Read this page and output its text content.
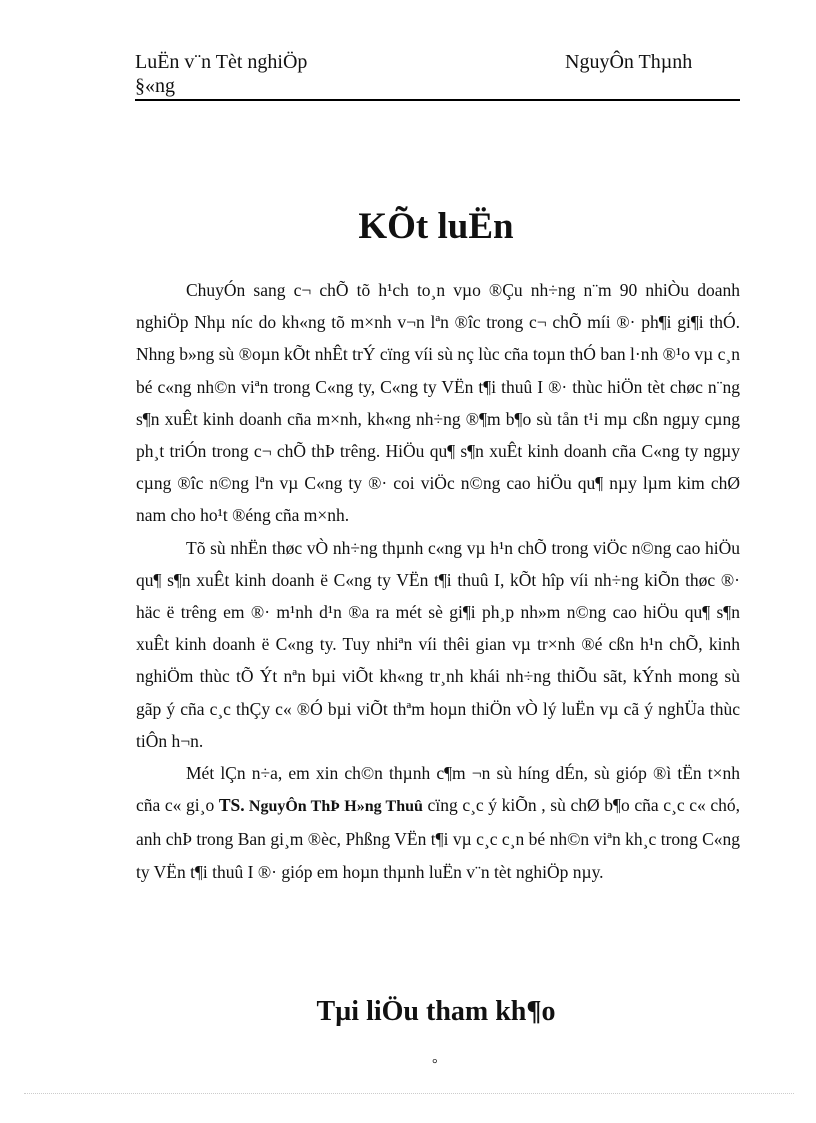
LuËn v¨n Tèt nghiÖp
§«ng
NguyÔn Thµnh
KÕt luËn

ChuyÓn sang c¬ chÕ tõ h¹ch to¸n vµo ®Çu nh÷ng n¨m 90 nhiÒu doanh nghiÖp Nhµ níc do kh«ng tõ m×nh v¬n lªn ®îc trong c¬ chÕ míi ®· ph¶i gi¶i thÓ. Nhng b»ng sù ®oµn kÕt nhÊt trÝ cïng víi sù nç lùc cña toµn thÓ ban l·nh ®¹o vµ c¸n bé c«ng nh©n viªn trong C«ng ty, C«ng ty VËn t¶i thuû I ®· thùc hiÖn tèt chøc n¨ng s¶n xuÊt kinh doanh cña m×nh, kh«ng nh÷ng ®¶m b¶o sù tån t¹i mµ cßn ngµy cµng ph¸t triÓn trong c¬ chÕ thÞ trêng. HiÖu qu¶ s¶n xuÊt kinh doanh cña C«ng ty ngµy cµng ®îc n©ng lªn vµ C«ng ty ®· coi viÖc n©ng cao hiÖu qu¶ nµy lµm kim chØ nam cho ho¹t ®éng cña m×nh.

Tõ sù nhËn thøc vÒ nh÷ng thµnh c«ng vµ h¹n chÕ trong viÖc n©ng cao hiÖu qu¶ s¶n xuÊt kinh doanh ë C«ng ty VËn t¶i thuû I, kÕt hîp víi nh÷ng kiÕn thøc ®· häc ë trêng em ®· m¹nh d¹n ®a ra mét sè gi¶i ph¸p nh»m n©ng cao hiÖu qu¶ s¶n xuÊt kinh doanh ë C«ng ty. Tuy nhiªn víi thêi gian vµ tr×nh ®é cßn h¹n chÕ, kinh nghiÖm thùc tÕ Ýt nªn bµi viÕt kh«ng tr¸nh khái nh÷ng thiÕu sãt, kÝnh mong sù gãp ý cña c¸c thÇy c« ®Ó bµi viÕt thªm hoµn thiÖn vÒ lý luËn vµ cã ý nghÜa thùc tiÔn h¬n.

Mét lÇn n÷a, em xin ch©n thµnh c¶m ¬n sù híng dÉn, sù gióp ®ì tËn t×nh cña c« gi¸o TS. NguyÔn ThÞ H»ng Thuû cïng c¸c ý kiÕn , sù chØ b¶o cña c¸c c« chó, anh chÞ trong Ban gi¸m ®èc, Phßng VËn t¶i vµ c¸c c¸n bé nh©n viªn kh¸c trong C«ng ty VËn t¶i thuû I ®· gióp em hoµn thµnh luËn v¨n tèt nghiÖp nµy.

Tµi liÖu tham kh¶o
°
